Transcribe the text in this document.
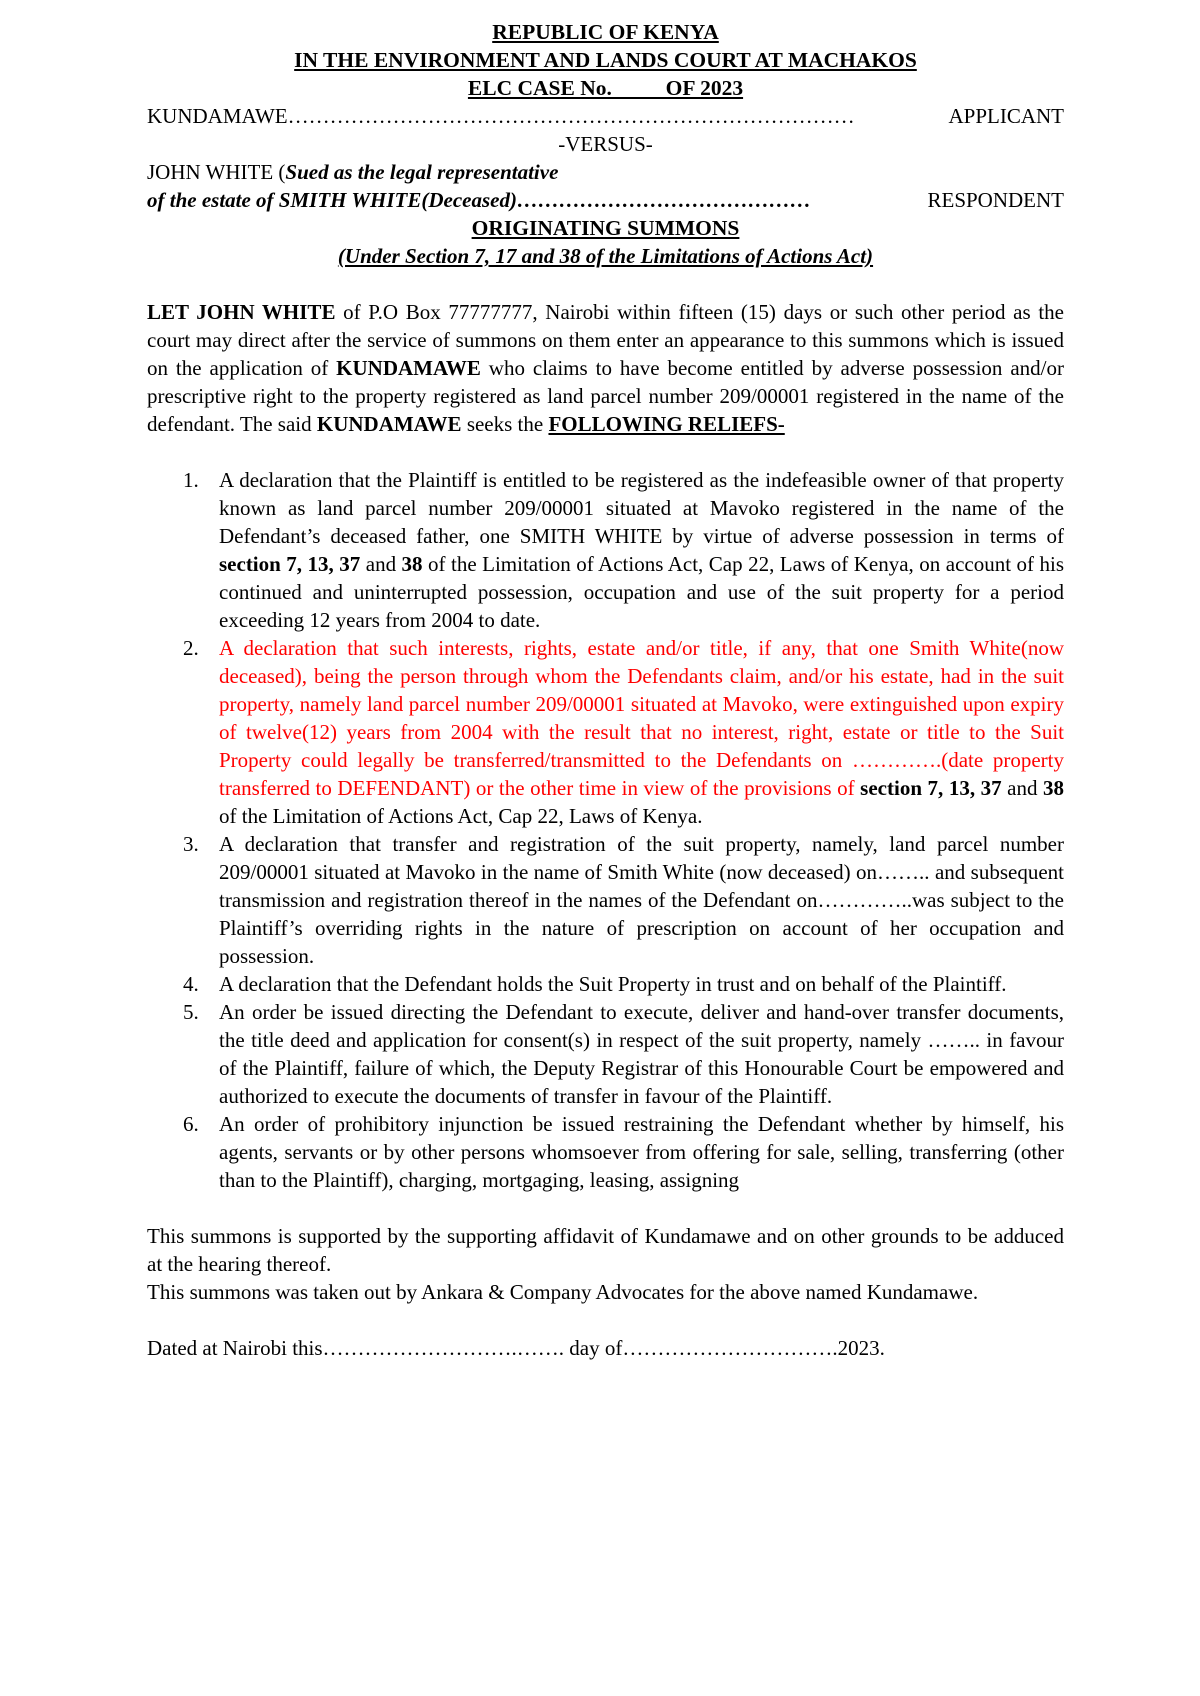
REPUBLIC OF KENYA
IN THE ENVIRONMENT AND LANDS COURT AT MACHAKOS
ELC CASE No.          OF 2023
KUNDAMAWE………………………………………………………………………	APPLICANT
-VERSUS-
JOHN WHITE (Sued as the legal representative
of the estate of SMITH WHITE(Deceased)……………………………………	RESPONDENT
ORIGINATING SUMMONS
(Under Section 7, 17 and 38 of the Limitations of Actions Act)

LET JOHN WHITE of P.O Box 77777777, Nairobi within fifteen (15) days or such other period as the court may direct after the service of summons on them enter an appearance to this summons which is issued on the application of KUNDAMAWE who claims to have become entitled by adverse possession and/or prescriptive right to the property registered as land parcel number 209/00001 registered in the name of the defendant. The said KUNDAMAWE seeks the FOLLOWING RELIEFS-

1. A declaration that the Plaintiff is entitled to be registered as the indefeasible owner of that property known as land parcel number 209/00001 situated at Mavoko registered in the name of the Defendant’s deceased father, one SMITH WHITE by virtue of adverse possession in terms of section 7, 13, 37 and 38 of the Limitation of Actions Act, Cap 22, Laws of Kenya, on account of his continued and uninterrupted possession, occupation and use of the suit property for a period exceeding 12 years from 2004 to date.
2. A declaration that such interests, rights, estate and/or title, if any, that one Smith White(now deceased), being the person through whom the Defendants claim, and/or his estate, had in the suit property, namely land parcel number 209/00001 situated at Mavoko, were extinguished upon expiry of twelve(12) years from 2004 with the result that no interest, right, estate or title to the Suit Property could legally be transferred/transmitted to the Defendants on ………….(date property transferred to DEFENDANT) or the other time in view of the provisions of section 7, 13, 37 and 38 of the Limitation of Actions Act, Cap 22, Laws of Kenya.
3. A declaration that transfer and registration of the suit property, namely, land parcel number 209/00001 situated at Mavoko in the name of Smith White (now deceased) on…….. and subsequent transmission and registration thereof in the names of the Defendant on…………..was subject to the Plaintiff’s overriding rights in the nature of prescription on account of her occupation and possession.
4. A declaration that the Defendant holds the Suit Property in trust and on behalf of the Plaintiff.
5. An order be issued directing the Defendant to execute, deliver and hand-over transfer documents, the title deed and application for consent(s) in respect of the suit property, namely …….. in favour of the Plaintiff, failure of which, the Deputy Registrar of this Honourable Court be empowered and authorized to execute the documents of transfer in favour of the Plaintiff.
6. An order of prohibitory injunction be issued restraining the Defendant whether by himself, his agents, servants or by other persons whomsoever from offering for sale, selling, transferring (other than to the Plaintiff), charging, mortgaging, leasing, assigning

This summons is supported by the supporting affidavit of Kundamawe and on other grounds to be adduced at the hearing thereof.

This summons was taken out by Ankara & Company Advocates for the above named Kundamawe.

Dated at Nairobi this……………………….……. day of………………………….2023.
